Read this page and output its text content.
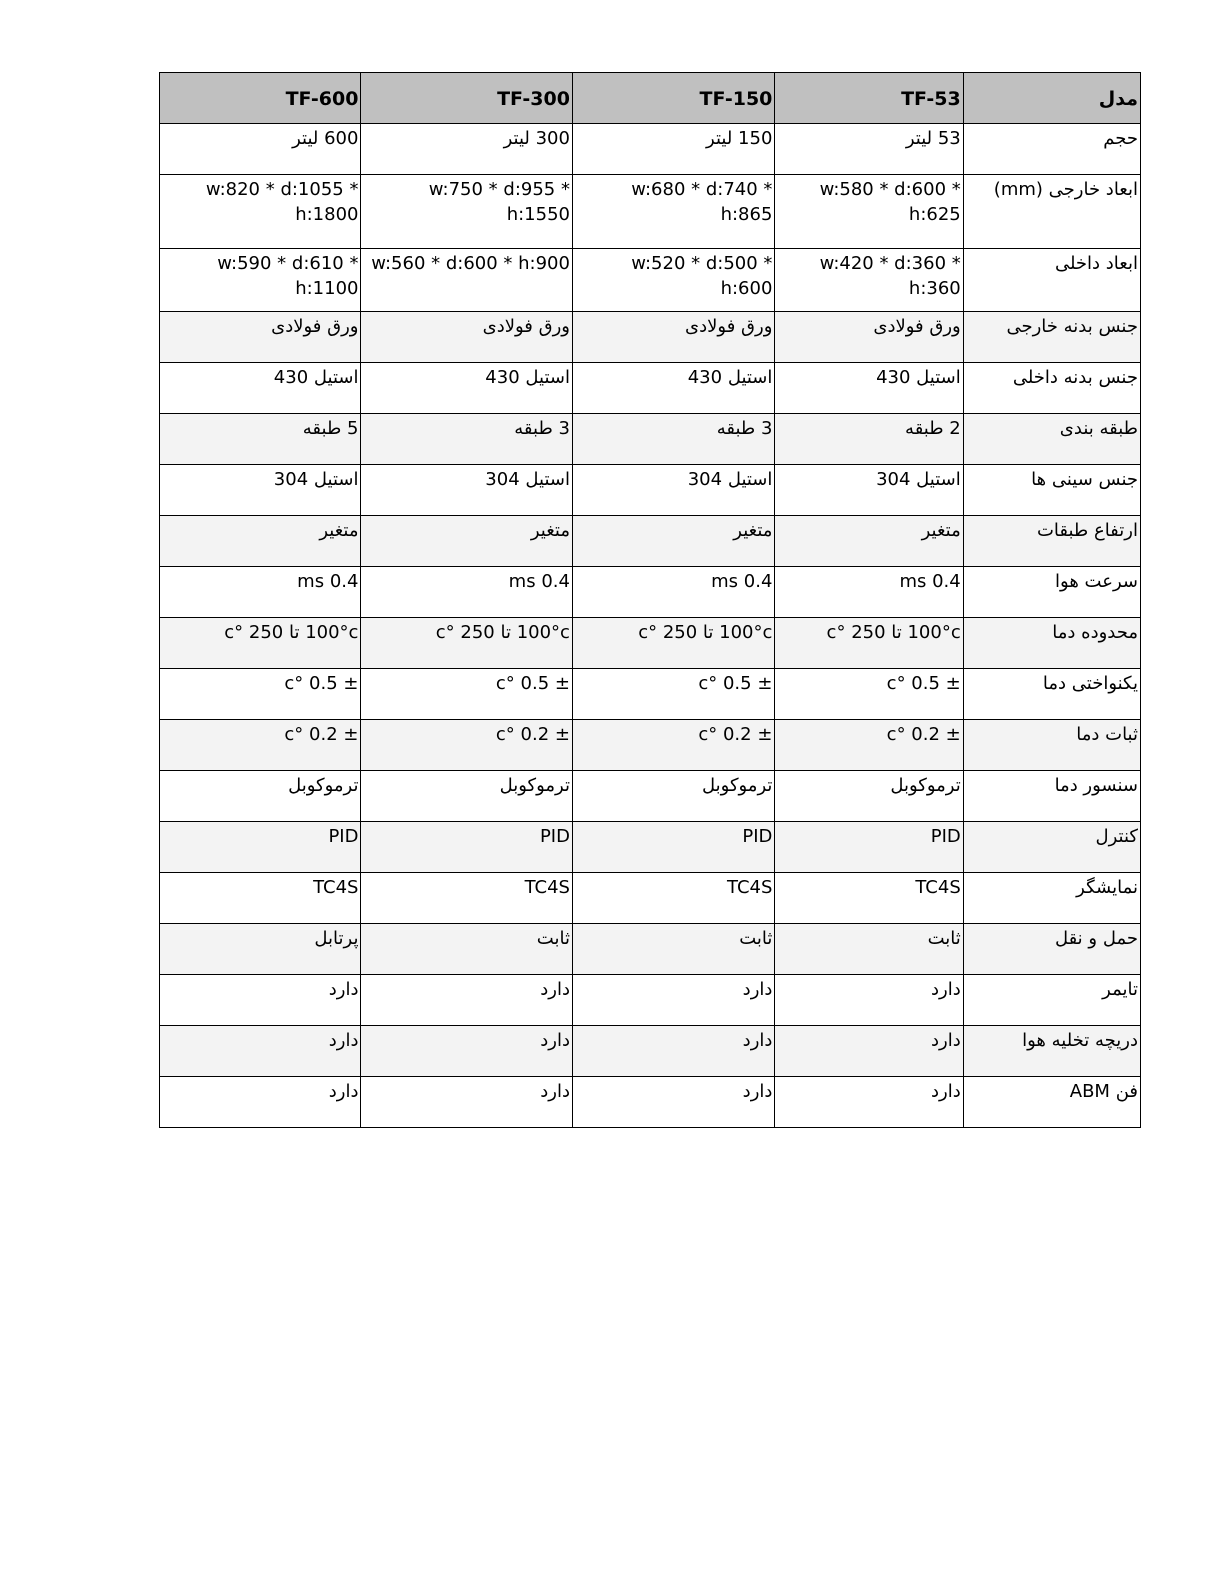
مدل	TF-53	TF-150	TF-300	TF-600
حجم	53 لیتر	150 لیتر	300 لیتر	600 لیتر
ابعاد خارجی (mm)	w:580 * d:600 * h:625	w:680 * d:740 * h:865	w:750 * d:955 * h:1550	w:820 * d:1055 * h:1800

ابعاد داخلی	w:420 * d:360 * h:360	w:520 * d:500 * h:600	w:560 * d:600 * h:900	w:590 * d:610 * h:1100

جنس بدنه خارجی	ورق فولادی	ورق فولادی	ورق فولادی	ورق فولادی
جنس بدنه داخلی	استیل 430	استیل 430	استیل 430	استیل 430
طبقه بندی	2 طبقه	3 طبقه	3 طبقه	5 طبقه
جنس سینی ها	استیل 304	استیل 304	استیل 304	استیل 304
ارتفاع طبقات	متغیر	متغیر	متغیر	متغیر
سرعت هوا	0.4 ms	0.4 ms	0.4 ms	0.4 ms
محدوده دما	100°c تا 250 °c	100°c تا 250 °c	100°c تا 250 °c	100°c تا 250 °c
یکنواختی دما	± 0.5 °c	± 0.5 °c	± 0.5 °c	± 0.5 °c
ثبات دما	± 0.2 °c	± 0.2 °c	± 0.2 °c	± 0.2 °c
سنسور دما	ترموکوبل	ترموکوبل	ترموکوبل	ترموکوبل
کنترل	PID	PID	PID	PID
نمایشگر	TC4S	TC4S	TC4S	TC4S
حمل و نقل	ثابت	ثابت	ثابت	پرتابل
تایمر	دارد	دارد	دارد	دارد
دریچه تخلیه هوا	دارد	دارد	دارد	دارد
فن ABM	دارد	دارد	دارد	دارد
